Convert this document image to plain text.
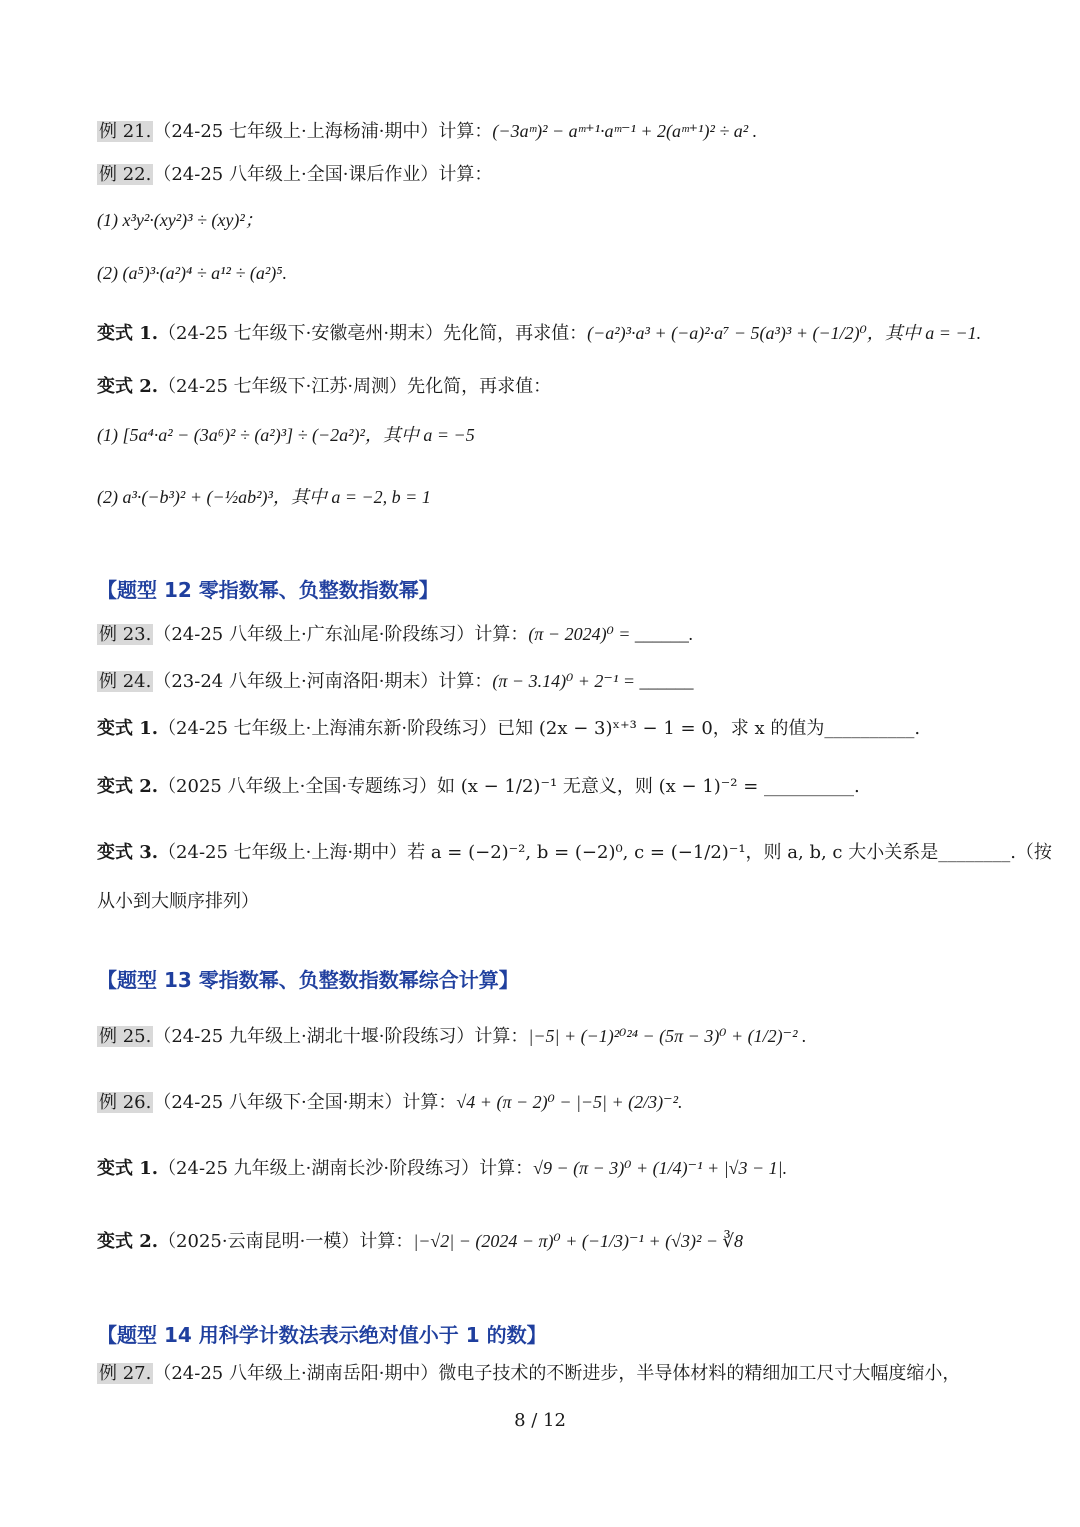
例 21. （24-25 七年级上·上海杨浦·期中）计算：(−3aᵐ)² − aᵐ⁺¹·aᵐ⁻¹ + 2(aᵐ⁺¹)² ÷ a² .
例 22. （24-25 八年级上·全国·课后作业）计算：
(1) x³y²·(xy²)³ ÷ (xy)²；
(2) (a⁵)³·(a²)⁴ ÷ a¹² ÷ (a²)⁵.
变式 1.（24-25 七年级下·安徽亳州·期末）先化简，再求值：(−a²)³·a³ + (−a)²·a⁷ − 5(a³)³ + (−1/2)⁰，其中 a = −1.
变式 2.（24-25 七年级下·江苏·周测）先化简，再求值：
(1) [5a⁴·a² − (3a⁶)² ÷ (a²)³] ÷ (−2a²)²，其中 a = −5
(2) a³·(−b³)² + (−½ab²)³，其中 a = −2, b = 1
【题型 12 零指数幂、负整数指数幂】
例 23. （24-25 八年级上·广东汕尾·阶段练习）计算：(π − 2024)⁰ = ______.
例 24. （23-24 八年级上·河南洛阳·期末）计算：(π − 3.14)⁰ + 2⁻¹ = ______
变式 1.（24-25 七年级上·上海浦东新·阶段练习）已知 (2x − 3)ˣ⁺³ − 1 = 0，求 x 的值为__________.
变式 2.（2025 八年级上·全国·专题练习）如 (x − 1/2)⁻¹ 无意义，则 (x − 1)⁻² = __________.
变式 3.（24-25 七年级上·上海·期中）若 a = (−2)⁻², b = (−2)⁰, c = (−1/2)⁻¹，则 a, b, c 大小关系是________.（按
从小到大顺序排列）
【题型 13 零指数幂、负整数指数幂综合计算】
例 25. （24-25 九年级上·湖北十堰·阶段练习）计算：|−5| + (−1)²⁰²⁴ − (5π − 3)⁰ + (1/2)⁻² .
例 26. （24-25 八年级下·全国·期末）计算：√4 + (π − 2)⁰ − |−5| + (2/3)⁻².
变式 1.（24-25 九年级上·湖南长沙·阶段练习）计算：√9 − (π − 3)⁰ + (1/4)⁻¹ + |√3 − 1|.
变式 2.（2025·云南昆明·一模）计算：|−√2| − (2024 − π)⁰ + (−1/3)⁻¹ + (√3)² − ∛8
【题型 14 用科学计数法表示绝对值小于 1 的数】
例 27. （24-25 八年级上·湖南岳阳·期中）微电子技术的不断进步，半导体材料的精细加工尺寸大幅度缩小，
8 / 12
